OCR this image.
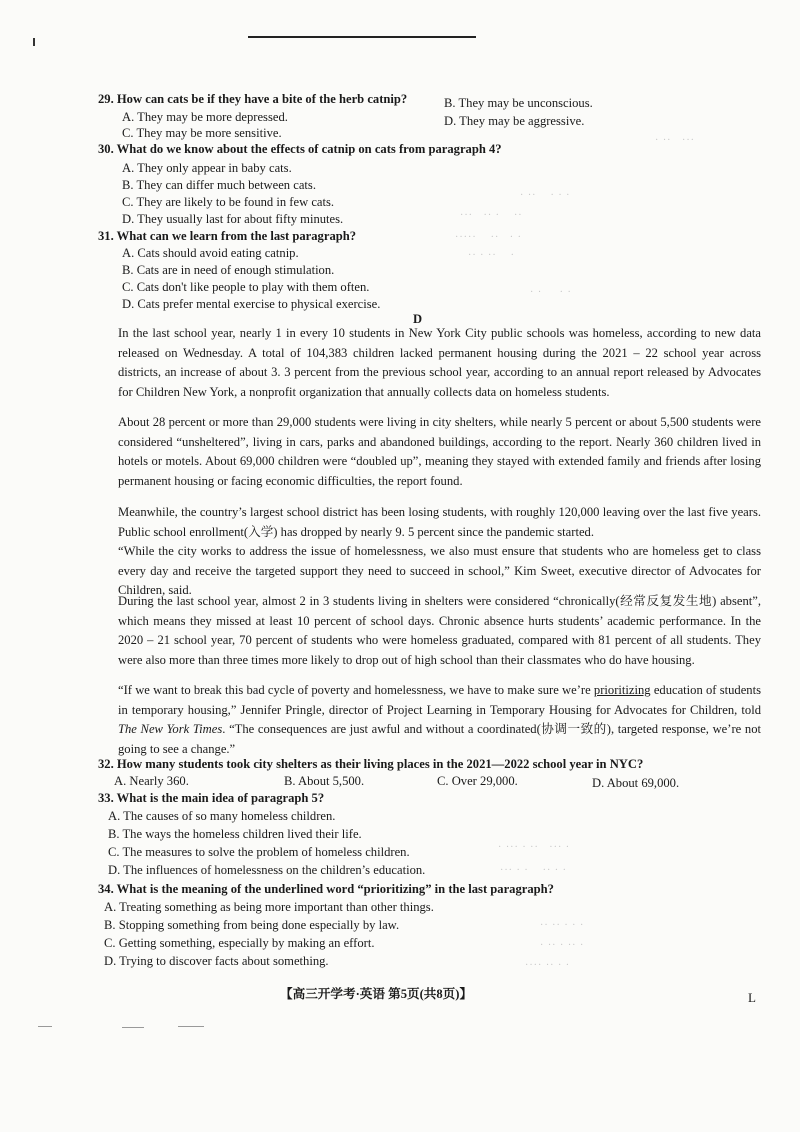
· ··   ···
· ··    · · ·
···   ·· ·    ··
·····    ··   · ·
·· · ··    ·
· ·     · ·
· ··· · ··   ··· ·
··· · ·    ·· · ·
·· ·· · · ·
· ·· · ·· ·
···· ·· · ·
29. How can cats be if they have a bite of the herb catnip?
A. They may be more depressed.
B. They may be unconscious.
C. They may be more sensitive.
D. They may be aggressive.
30. What do we know about the effects of catnip on cats from paragraph 4?
A. They only appear in baby cats.
B. They can differ much between cats.
C. They are likely to be found in few cats.
D. They usually last for about fifty minutes.
31. What can we learn from the last paragraph?
A. Cats should avoid eating catnip.
B. Cats are in need of enough stimulation.
C. Cats don't like people to play with them often.
D. Cats prefer mental exercise to physical exercise.
D
In the last school year, nearly 1 in every 10 students in New York City public schools was homeless, according to new data released on Wednesday. A total of 104,383 children lacked permanent housing during the 2021 – 22 school year across districts, an increase of about 3. 3 percent from the previous school year, according to an annual report released by Advocates for Children New York, a nonprofit organization that annually collects data on homeless students.
About 28 percent or more than 29,000 students were living in city shelters, while nearly 5 percent or about 5,500 students were considered “unsheltered”, living in cars, parks and abandoned buildings, according to the report. Nearly 360 children lived in hotels or motels. About 69,000 children were “doubled up”, meaning they stayed with extended family and friends after losing permanent housing or facing economic difficulties, the report found.
Meanwhile, the country’s largest school district has been losing students, with roughly 120,000 leaving over the last five years. Public school enrollment(入学) has dropped by nearly 9. 5 percent since the pandemic started.
“While the city works to address the issue of homelessness, we also must ensure that students who are homeless get to class every day and receive the targeted support they need to succeed in school,” Kim Sweet, executive director of Advocates for Children, said.
During the last school year, almost 2 in 3 students living in shelters were considered “chronically(经常反复发生地) absent”, which means they missed at least 10 percent of school days. Chronic absence hurts students’ academic performance. In the 2020 – 21 school year, 70 percent of students who were homeless graduated, compared with 81 percent of all students. They were also more than three times more likely to drop out of high school than their classmates who do have housing.
“If we want to break this bad cycle of poverty and homelessness, we have to make sure we’re prioritizing education of students in temporary housing,” Jennifer Pringle, director of Project Learning in Temporary Housing for Advocates for Children, told The New York Times. “The consequences are just awful and without a coordinated(协调一致的), targeted response, we’re not going to see a change.”
32. How many students took city shelters as their living places in the 2021—2022 school year in NYC?
A. Nearly 360.	B. About 5,500.	C. Over 29,000.	D. About 69,000.
33. What is the main idea of paragraph 5?
A. The causes of so many homeless children.
B. The ways the homeless children lived their life.
C. The measures to solve the problem of homeless children.
D. The influences of homelessness on the children’s education.
34. What is the meaning of the underlined word “prioritizing” in the last paragraph?
A. Treating something as being more important than other things.
B. Stopping something from being done especially by law.
C. Getting something, especially by making an effort.
D. Trying to discover facts about something.
【高三开学考·英语 第5页(共8页)】	L
